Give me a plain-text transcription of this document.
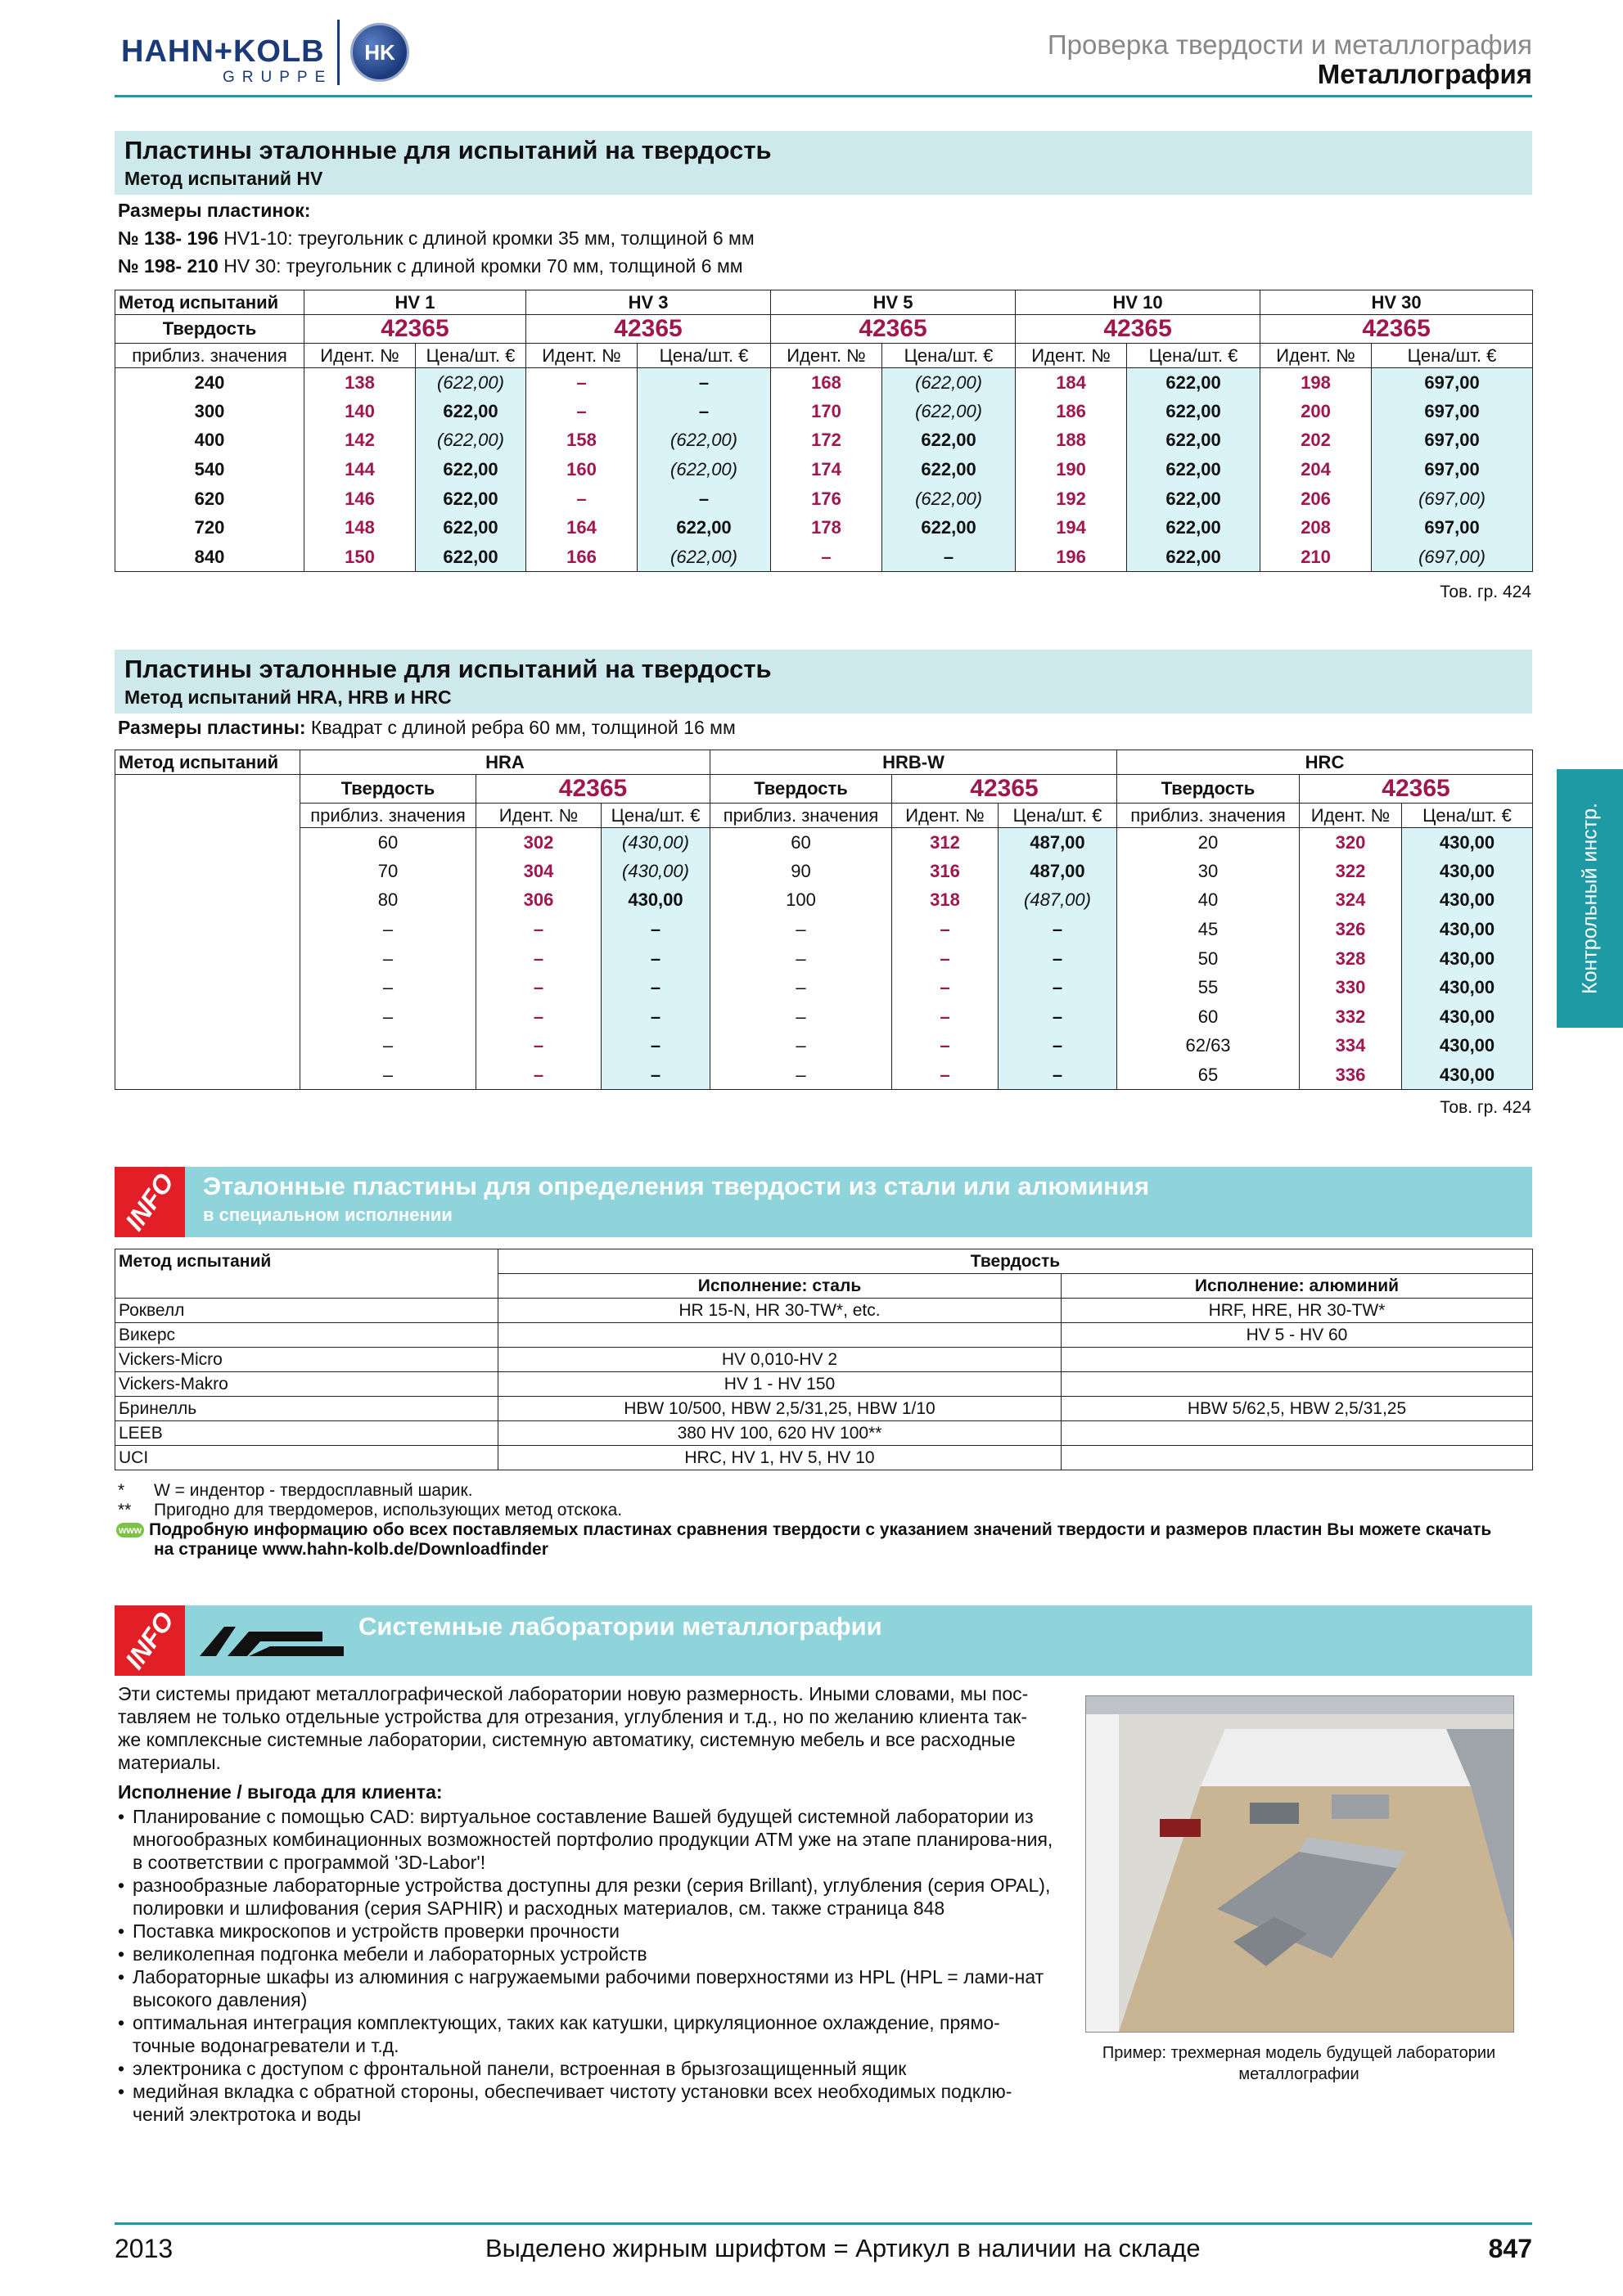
HAHN+KOLB
GRUPPE
HK	Проверка твердости и металлография
Металлография
Пластины эталонные для испытаний на твердость
Метод испытаний HV
Размеры пластинок:
№ 138- 196 HV1-10: треугольник с длиной кромки 35 мм, толщиной 6 мм
№ 198- 210 HV 30: треугольник с длиной кромки 70 мм, толщиной 6 мм
Метод испытаний	HV 1		HV 3		HV 5		HV 10		HV 30	
Твердость	42365		42365		42365		42365		42365	
приблиз. значения	Идент. №	Цена/шт. €	Идент. №	Цена/шт. €	Идент. №	Цена/шт. €	Идент. №	Цена/шт. €	Идент. №	Цена/шт. €
240	138	(622,00)	–	–	168	(622,00)	184	622,00	198	697,00
300	140	622,00	–	–	170	(622,00)	186	622,00	200	697,00
400	142	(622,00)	158	(622,00)	172	622,00	188	622,00	202	697,00
540	144	622,00	160	(622,00)	174	622,00	190	622,00	204	697,00
620	146	622,00	–	–	176	(622,00)	192	622,00	206	(697,00)
720	148	622,00	164	622,00	178	622,00	194	622,00	208	697,00
840	150	622,00	166	(622,00)	–	–	196	622,00	210	(697,00)
Тов. гр. 424
Пластины эталонные для испытаний на твердость
Метод испытаний HRA, HRB и HRC
Размеры пластины: Квадрат с длиной ребра 60 мм, толщиной 16 мм
Метод испытаний	HRA			HRB-W			HRC		
	Твердость	42365		Твердость	42365		Твердость	42365	
	приблиз. значения	Идент. №	Цена/шт. €	приблиз. значения	Идент. №	Цена/шт. €	приблиз. значения	Идент. №	Цена/шт. €
	60	302	(430,00)	60	312	487,00	20	320	430,00
	70	304	(430,00)	90	316	487,00	30	322	430,00
	80	306	430,00	100	318	(487,00)	40	324	430,00
	–	–	–	–	–	–	45	326	430,00
	–	–	–	–	–	–	50	328	430,00
	–	–	–	–	–	–	55	330	430,00
	–	–	–	–	–	–	60	332	430,00
	–	–	–	–	–	–	62/63	334	430,00
	–	–	–	–	–	–	65	336	430,00
Тов. гр. 424
Контрольный инстр.
INFO Эталонные пластины для определения твердости из стали или алюминия
в специальном исполнении
Метод испытаний	Твердость	
	Исполнение: сталь	Исполнение: алюминий
Роквелл	HR 15-N, HR 30-TW*, etc.	HRF, HRE, HR 30-TW*
Викерс		HV 5 - HV 60
Vickers-Micro	HV 0,010-HV 2	
Vickers-Makro	HV 1 - HV 150	
Бринелль	HBW 10/500, HBW 2,5/31,25, HBW 1/10	HBW 5/62,5, HBW 2,5/31,25
LEEB	380 HV 100, 620 HV 100**	
UCI	HRC, HV 1, HV 5, HV 10	
* W = индентор - твердосплавный шарик.
** Пригодно для твердомеров, использующих метод отскока.
www Подробную информацию обо всех поставляемых пластинах сравнения твердости с указанием значений твердости и размеров пластин Вы можете скачать
на странице www.hahn-kolb.de/Downloadfinder
INFO	Системные лаборатории металлографии
Эти системы придают металлографической лаборатории новую размерность. Иными словами, мы пос-
тавляем не только отдельные устройства для отрезания, углубления и т.д., но по желанию клиента так-
же комплексные системные лаборатории, системную автоматику, системную мебель и все расходные
материалы.
Исполнение / выгода для клиента:
• Планирование с помощью CAD: виртуальное составление Вашей будущей системной лаборатории из многообразных комбинационных возможностей портфолио продукции ATM уже на этапе планирова-ния, в соответствии с программой '3D-Labor'!
• разнообразные лабораторные устройства доступны для резки (серия Brillant), углубления (серия OPAL), полировки и шлифования (серия SAPHIR) и расходных материалов, см. также страница 848
• Поставка микроскопов и устройств проверки прочности
• великолепная подгонка мебели и лабораторных устройств
• Лабораторные шкафы из алюминия с нагружаемыми рабочими поверхностями из HPL (HPL = лами-нат высокого давления)
• оптимальная интеграция комплектующих, таких как катушки, циркуляционное охлаждение, прямо-точные водонагреватели и т.д.
• электроника с доступом с фронтальной панели, встроенная в брызгозащищенный ящик
• медийная вкладка с обратной стороны, обеспечивает чистоту установки всех необходимых подклю-чений электротока и воды
Пример: трехмерная модель будущей лаборатории металлографии
2013	Выделено жирным шрифтом = Артикул в наличии на складе	847
